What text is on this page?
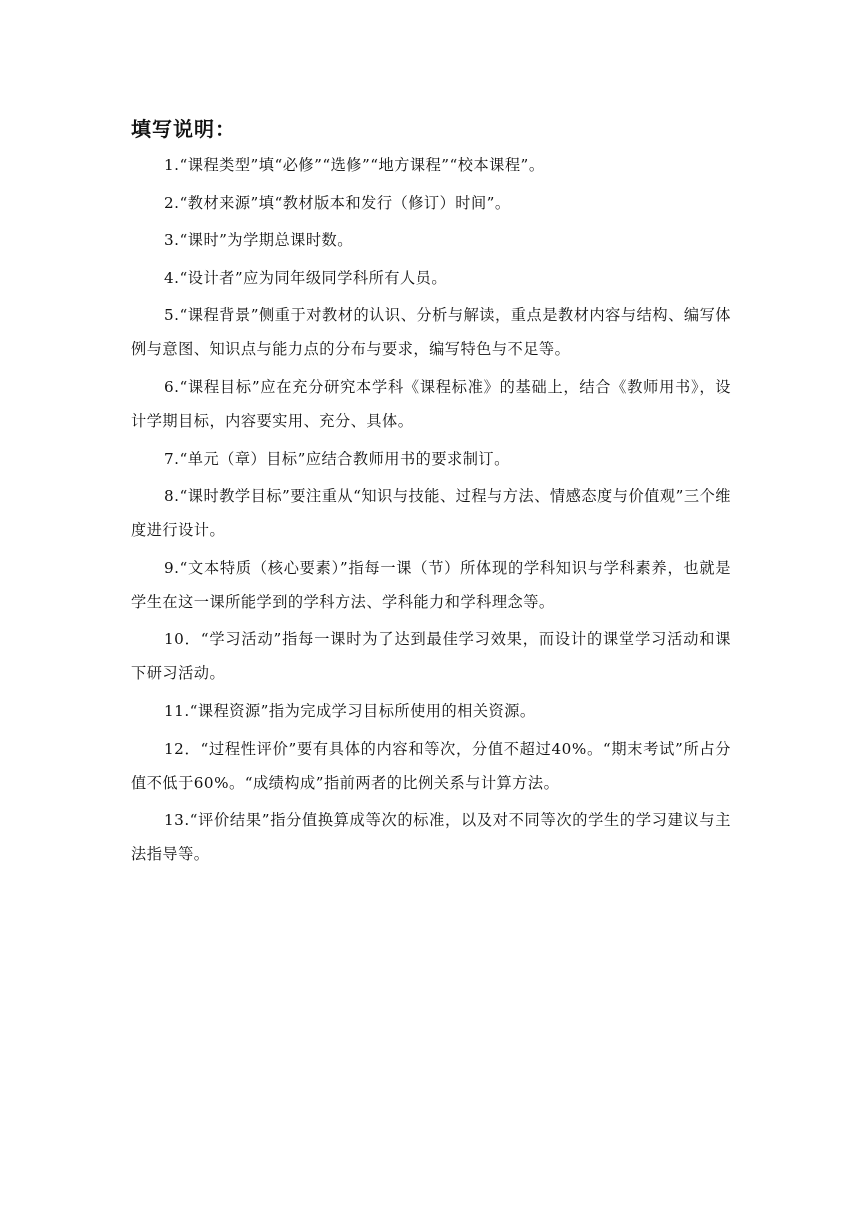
填写说明：

1.“课程类型”填“必修”“选修”“地方课程”“校本课程”。

2.“教材来源”填“教材版本和发行（修订）时间”。

3.“课时”为学期总课时数。

4.“设计者”应为同年级同学科所有人员。

5.“课程背景”侧重于对教材的认识、分析与解读，重点是教材内容与结构、编写体例与意图、知识点与能力点的分布与要求，编写特色与不足等。

6.“课程目标”应在充分研究本学科《课程标准》的基础上，结合《教师用书》，设计学期目标，内容要实用、充分、具体。

7.“单元（章）目标”应结合教师用书的要求制订。

8.“课时教学目标”要注重从“知识与技能、过程与方法、情感态度与价值观”三个维度进行设计。

9.“文本特质（核心要素）”指每一课（节）所体现的学科知识与学科素养，也就是学生在这一课所能学到的学科方法、学科能力和学科理念等。

10．“学习活动”指每一课时为了达到最佳学习效果，而设计的课堂学习活动和课下研习活动。

11.“课程资源”指为完成学习目标所使用的相关资源。

12．“过程性评价”要有具体的内容和等次，分值不超过40%。“期末考试”所占分值不低于60%。“成绩构成”指前两者的比例关系与计算方法。

13.“评价结果”指分值换算成等次的标准，以及对不同等次的学生的学习建议与主法指导等。
